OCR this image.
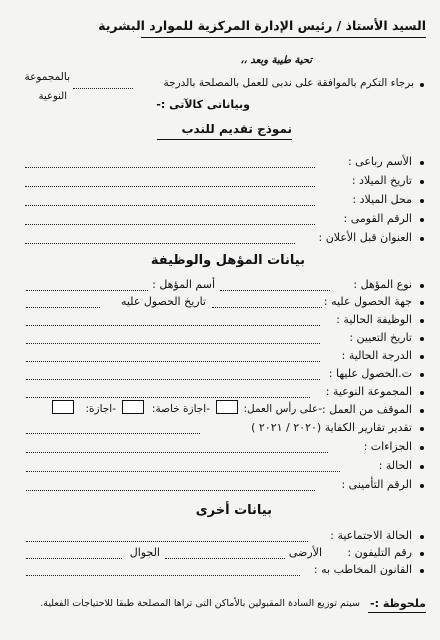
السيد الأستاذ / رئيس الإدارة المركزية للموارد البشرية
تحية طيبة وبعد ،،
برجاء التكرم بالموافقة على ندبى للعمل بالمصلحة بالدرجة
بالمجموعة
النوعية
وبياناتى كالآتى :-
نموذج تقديم للندب
الأسم رباعى :
تاريخ الميلاد :
محل الميلاد :
الرقم القومى :
العنوان قبل الأعلان :
بيانات المؤهل والوظيفة
نوع المؤهل :
أسم المؤهل :
جهة الحصول عليه :
تاريخ الحصول عليه
الوظيفة الحالية :
تاريخ التعيين :
الدرجة الحالية :
ت.الحصول عليها :
المجموعة النوعية :
الموقف من العمل :
-على رأس العمل:
-اجازة خاصة:
-اجازة:
تقدير تقارير الكفاية (٢٠٢٠ / ٢٠٢١ )
الجزاءات :
الحالة :
الرقم التأمينى :
بيانات أخرى
الحالة الاجتماعية :
رقم التليفون :
الأرضى
الجوال
القانون المخاطب به :
ملحوظة :-
سيتم توزيع السادة المقبولين بالأماكن التى تراها المصلحة طبقا للاحتياجات الفعلية.
